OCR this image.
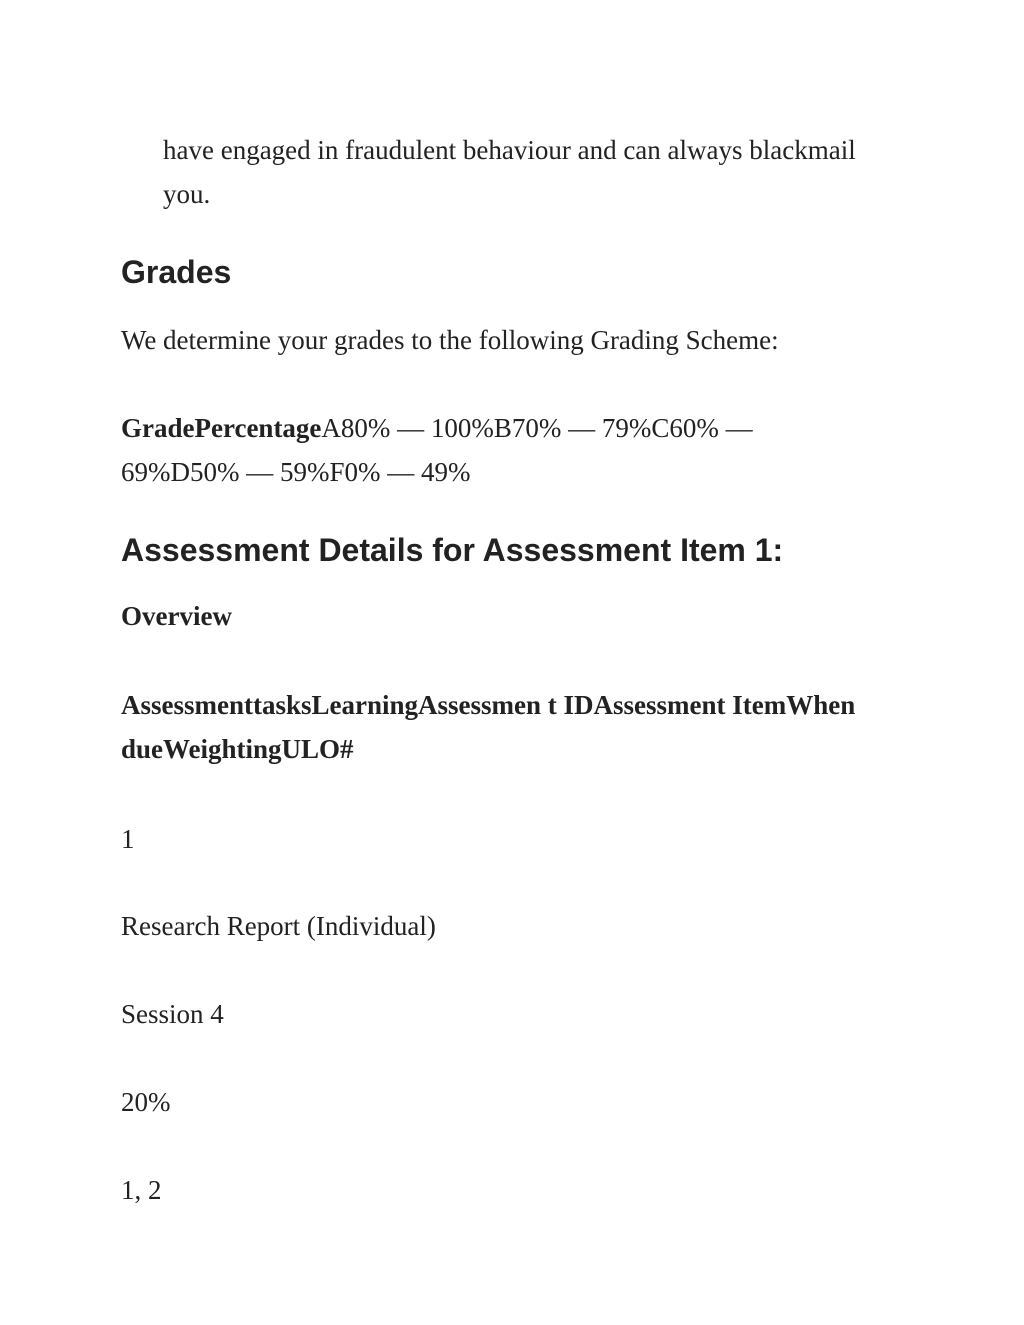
have engaged in fraudulent behaviour and can always blackmail you.

Grades

We determine your grades to the following Grading Scheme:

GradePercentageA80% — 100%B70% — 79%C60% — 69%D50% — 59%F0% — 49%

Assessment Details for Assessment Item 1:

Overview

AssessmenttasksLearningAssessmen t IDAssessment ItemWhen dueWeightingULO#

1

Research Report (Individual)

Session 4

20%

1, 2
